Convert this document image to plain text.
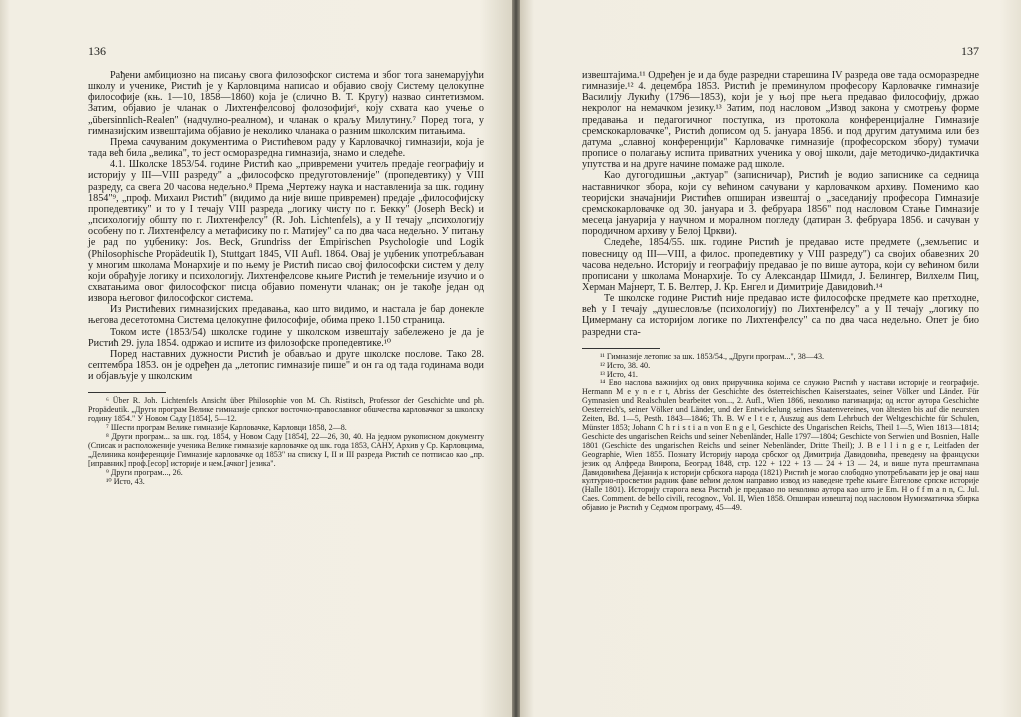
136

Рађени амбициозно на писању свога филозофског система и због тога занемарујући школу и ученике, Ристић је у Карловцима написао и објавио своју Систему целокупне философије (књ. 1—10, 1858—1860) која је (слично В. Т. Кругу) назвао синтетизмом. Затим, објавио је чланак о Лихтенфелсовој фолозофији⁶, коју схвата као учење о „übersinnlich-Realen" (надчулно-реалном), и чланак о краљу Милутину.⁷ Поред тога, у гимназијским извештајима објавио је неколико чланака о разним школским питањима.

Према сачуваним документима о Ристићевом раду у Карловачкој гимназији, која је тада већ била „велика", то јест осморазредна гимназија, знамо и следеће.

4.1. Школске 1853/54. године Ристић као „привремени учитељ предаје географију и историју у III—VIII разреду" а „философско предуготовленије" (пропедевтику) у VIII разреду, са свега 20 часова недељно.⁸ Према „Чертежу наука и наставленија за шк. годину 1854"⁹, „проф. Михаил Ристић" (видимо да није више привремен) предаје „философијску пропедевтику" и то у I течају VIII разреда „логику чисту по г. Бекку" (Joseph Beck) и „психологију обшту по г. Лихтенфелсу" (R. Joh. Lichtenfels), а у II течају „психологију особену по г. Лихтенфелсу а метафисику по г. Матијеу" са по два часа недељно. У питању је рад по уџбенику: Jos. Beck, Grundriss der Empirischen Psychologie und Logik (Philosophische Propädeutik I), Stuttgart 1845, VII Aufl. 1864. Овај је уџбеник употребљаван у многим школама Монархије и по њему је Ристић писао свој философски систем у делу који обрађује логику и психологију. Лихтенфелсове књиге Ристић је темељније изучио и о схватањима овог философског писца објавио поменути чланак; он је такође један од извора његовог философског система.

Из Ристићевих гимназијских предавања, као што видимо, и настала је бар донекле његова десетотомна Система целокупне философије, обима преко 1.150 страница.

Током исте (1853/54) школске године у школском извештају забележено је да је Ристић 29. јула 1854. одржао и испите из филозофске пропедевтике.¹⁰

Поред наставних дужности Ристић је обављао и друге школске послове. Тако 28. септембра 1853. он је одређен да „летопис гимназије пише" и он га од тада годинама води и објављује у школским

⁶ Über R. Joh. Lichtenfels Ansicht über Philosophie von M. Ch. Ristitsch, Professor der Geschichte und ph. Propädeutik. „Други програм Велике гимназије српског восточно-православног обшчества карловачког за школску годину 1854." У Новом Саду [1854], 5—12.

⁷ Шести програм Велике гимназије Карловачке, Карловци 1858, 2—8.

⁸ Други програм... за шк. год. 1854, у Новом Саду [1854], 22—26, 30, 40. На једном рукописном документу (Списак и расположеније ученика Велике гимназије карловачке од шк. года 1853, САНУ, Архив у Ср. Карловцима, „Делиника конференције Гимназије карловачке од 1853" на списку I, II и III разреда Ристић се потписао као „пр.[иправник] проф.[есор] историје и нем.[ачког] језика".

⁹ Други програм..., 26.

¹⁰ Исто, 43.

137

извештајима.¹¹ Одређен је и да буде разредни старешина IV разреда ове тада осморазредне гимназије.¹² 4. децембра 1853. Ристић је преминулом професору Карловачке гимназије Василију Лукићу (1796—1853), који је у њој пре њега предавао философију, држао некролог на немачком језику.¹³ Затим, под насловом „Извод закона у смотрењу форме предавања и педагогичног поступка, из протокола конференцијалне Гимназије сремскокарловачке", Ристић дописом од 5. јануара 1856. и под другим датумима или без датума „славној конференцији" Карловачке гимназије (професорском збору) тумачи прописе о полагању испита приватних ученика у овој школи, даје методичко-дидактичка упутства и на друге начине помаже рад школе.

Као дугогодишњи „актуар" (записничар), Ристић је водио записнике са седница наставничког збора, који су већином сачувани у карловачком архиву. Поменимо као теоријски значајнији Ристићев опширан извештај о „заседанију професора Гимназије сремскокарловачке од 30. јануара и 3. фебруара 1856" под насловом Стање Гимназије месеца јануарија у научном и моралном погледу (датиран 3. фебруара 1856. и сачуван у породичном архиву у Белој Цркви).

Следеће, 1854/55. шк. године Ристић је предавао исте предмете („земљепис и повесницу од III—VIII, а филос. пропедевтику у VIII разреду") са својих обавезних 20 часова недељно. Историју и географију предавао је по више аутора, који су већином били прописани у школама Монархије. То су Александар Шмидл, J. Белингер, Вилхелм Пиц, Херман Мајнерт, Т. Б. Велтер, J. Кр. Енгел и Димитрије Давидовић.¹⁴

Те школске године Ристић није предавао исте философске предмете као претходне, већ у I течају „душесловље (психологију) по Лихтенфелсу" а у II течају „логику по Цимерману са историјом логике по Лихтенфелсу" са по два часа недељно. Опет је био разредни ста-

¹¹ Гимназије летопис за шк. 1853/54., „Други програм...", 38—43.

¹² Исто, 38. 40.

¹³ Исто, 41.

¹⁴ Ево наслова важнијих од ових приручника којима се служио Ристић у настави историје и географије. Hermann M e y n e r t, Abriss der Geschichte des österreichischen Kaiserstaates, seiner Völker und Länder. Für Gymnasien und Realschulen bearbeitet von..., 2. Aufl., Wien 1866, неколико пагинација; од истог аутора Geschichte Oesterreich's, seiner Völker und Länder, und der Entwickelung seines Staatenvereines, von ältesten bis auf die neursten Zeiten, Bd. 1—5, Pesth. 1843—1846; Th. B. W e l t e r, Auszug aus dem Lehrbuch der Weltgeschichte für Schulen, Münster 1853; Johann C h r i s t i a n von E n g e l, Geschicte des Ungarischen Reichs, Theil 1—5, Wien 1813—1814; Geschicte des ungarischen Reichs und seiner Nebenländer, Halle 1797—1804; Geschicte von Serwien und Bosnien, Halle 1801 (Geschicte des ungarischen Reichs und seiner Nebenländer, Dritte Theil); J. B e l l i n g e r, Leitfaden der Geographie, Wien 1855. Познату Историју народа србског од Димитрија Давидовића, преведену на француски језик од Алфреда Вииропа, Београд 1848, стр. 122 + 122 + 13 — 24 + 13 — 24, и више пута прештампана Давидовићева Дејанија к историји србскога народа (1821) Ристић је могао слободно употребљавати јер је овај наш културно-просветни радник фаве већим делом направио извод из наведене треће књиге Енгелове српске историје (Halle 1801). Историју старога века Ристић је предавао по неколико аутора као што је Em. H o f f m a n n, C. Jul. Caes. Comment. de bello civili, recognov., Vol. II, Wien 1858. Опширан извештај под насловом Нумизматичка збирка објавио је Ристић у Седмом програму, 45—49.
